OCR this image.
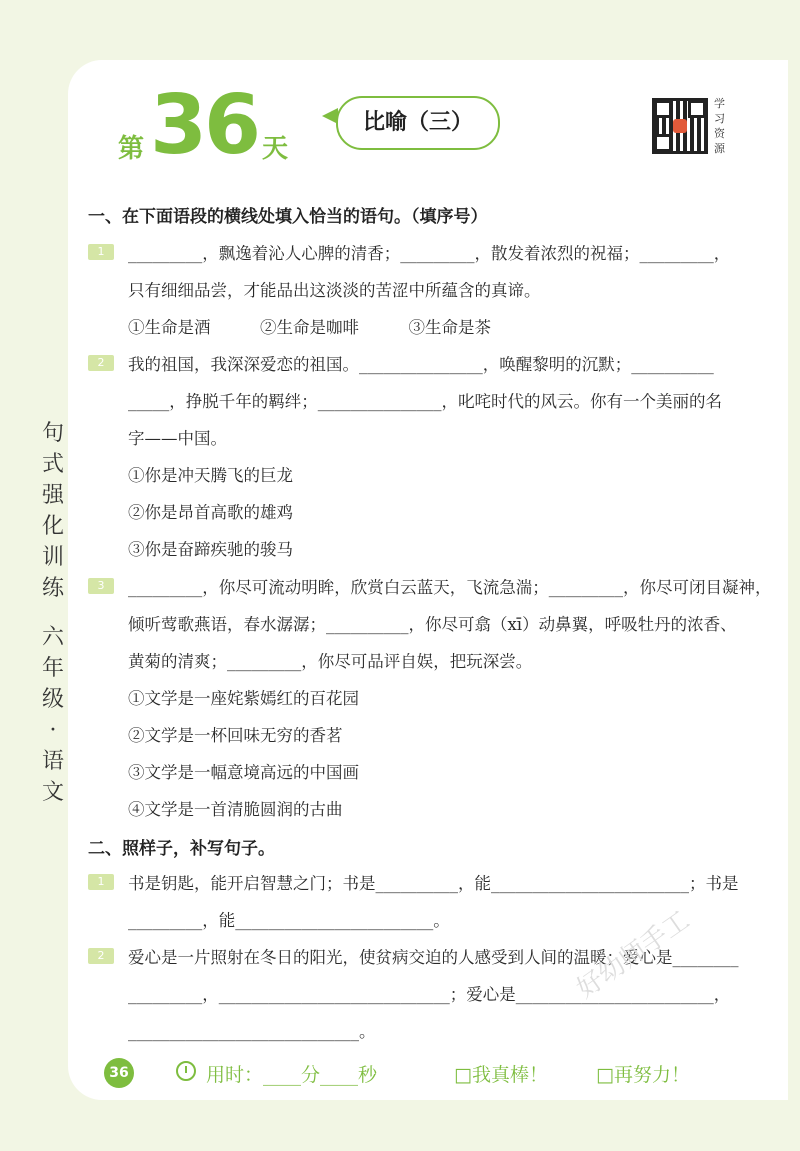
第 36 天
比喻（三）
学
习
资
源
句
式
强
化
训
练
六
年
级
·
语
文
一、在下面语段的横线处填入恰当的语句。（填序号）
1	_________，飘逸着沁人心脾的清香；_________，散发着浓烈的祝福；_________，
只有细细品尝，才能品出这淡淡的苦涩中所蕴含的真谛。
①生命是酒　　　②生命是咖啡　　　③生命是茶
2	我的祖国，我深深爱恋的祖国。_______________，唤醒黎明的沉默；__________
_____，挣脱千年的羁绊；_______________，叱咤时代的风云。你有一个美丽的名
字——中国。
①你是冲天腾飞的巨龙
②你是昂首高歌的雄鸡
③你是奋蹄疾驰的骏马
3	_________，你尽可流动明眸，欣赏白云蓝天，飞流急湍；_________，你尽可闭目凝神，
倾听莺歌燕语，春水潺潺；__________，你尽可翕（xī）动鼻翼，呼吸牡丹的浓香、
黄菊的清爽；_________，你尽可品评自娱，把玩深尝。
①文学是一座姹紫嫣红的百花园
②文学是一杯回味无穷的香茗
③文学是一幅意境高远的中国画
④文学是一首清脆圆润的古曲
二、照样子，补写句子。
1	书是钥匙，能开启智慧之门；书是__________，能________________________；书是
_________，能________________________。
2	爱心是一片照射在冬日的阳光，使贫病交迫的人感受到人间的温暖；爱心是________
_________，____________________________；爱心是________________________，
____________________________。
36	用时：____分____秒	□我真棒！	□再努力！
好幼师手工
